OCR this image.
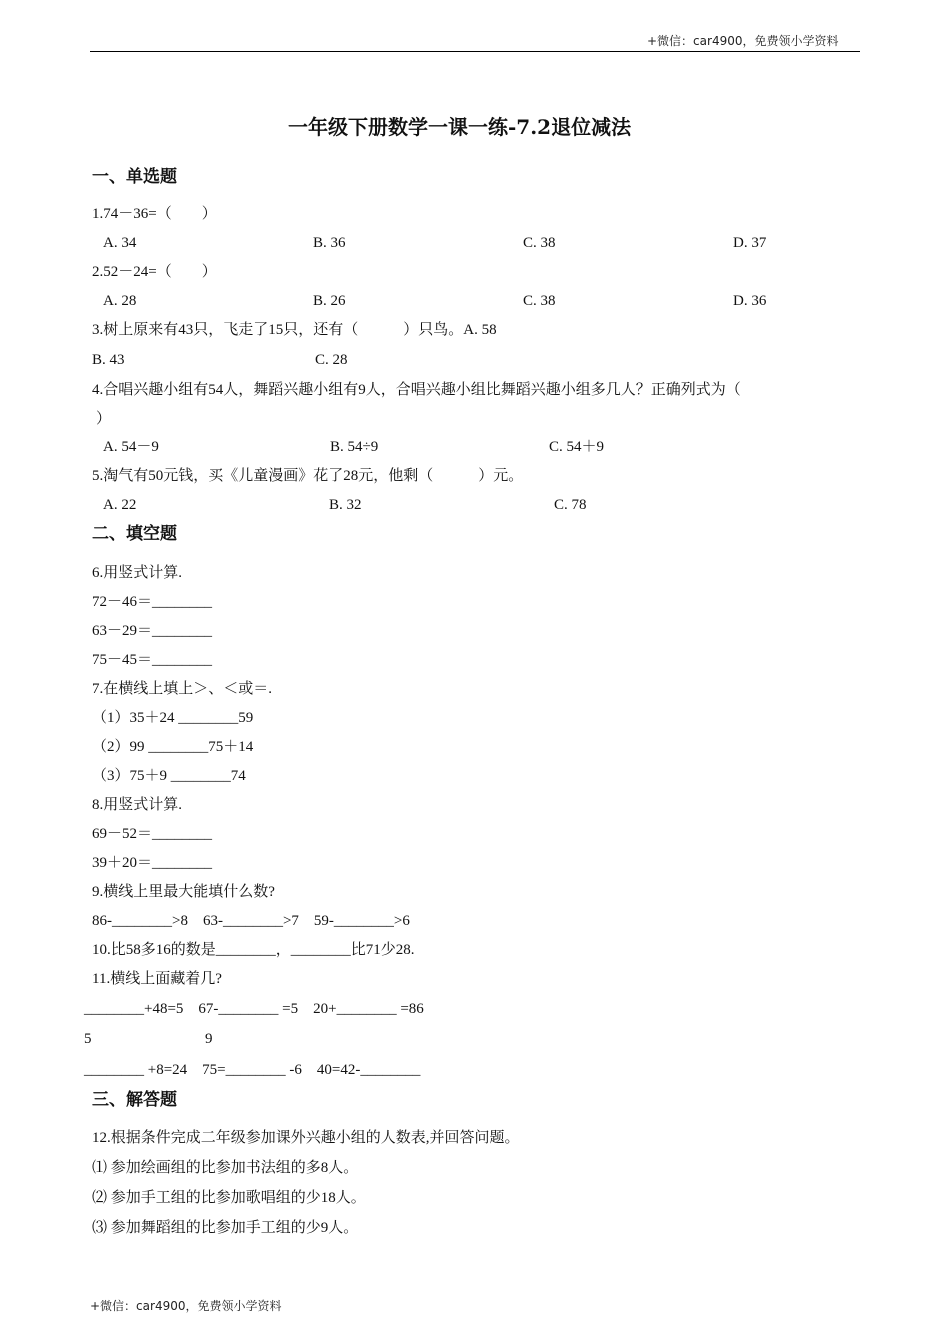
+微信：car4900，免费领小学资料
一年级下册数学一课一练-7.2退位减法
一、单选题
1.74－36=（　　）
A. 34	B. 36	C. 38	D. 37
2.52－24=（　　）
A. 28	B. 26	C. 38	D. 36
3.树上原来有43只，飞走了15只，还有（　　　）只鸟。A. 58
B. 43	C. 28
4.合唱兴趣小组有54人，舞蹈兴趣小组有9人，合唱兴趣小组比舞蹈兴趣小组多几人？正确列式为（
）
A. 54－9	B. 54÷9	C. 54＋9
5.淘气有50元钱，买《儿童漫画》花了28元，他剩（　　　）元。
A. 22	B. 32	C. 78
二、填空题
6.用竖式计算.
72－46＝________
63－29＝________
75－45＝________
7.在横线上填上＞、＜或＝.
（1）35＋24 ________59
（2）99 ________75＋14
（3）75＋9 ________74
8.用竖式计算.
69－52＝________
39＋20＝________
9.横线上里最大能填什么数?
86-________>8　63-________>7　59-________>6
10.比58多16的数是________，________比71少28.
11.横线上面藏着几?
________+48=5　67-________ =5　20+________ =86
5	9
________ +8=24　75=________ -6　40=42-________
三、解答题
12.根据条件完成二年级参加课外兴趣小组的人数表,并回答问题。
⑴ 参加绘画组的比参加书法组的多8人。
⑵ 参加手工组的比参加歌唱组的少18人。
⑶ 参加舞蹈组的比参加手工组的少9人。
+微信：car4900，免费领小学资料
